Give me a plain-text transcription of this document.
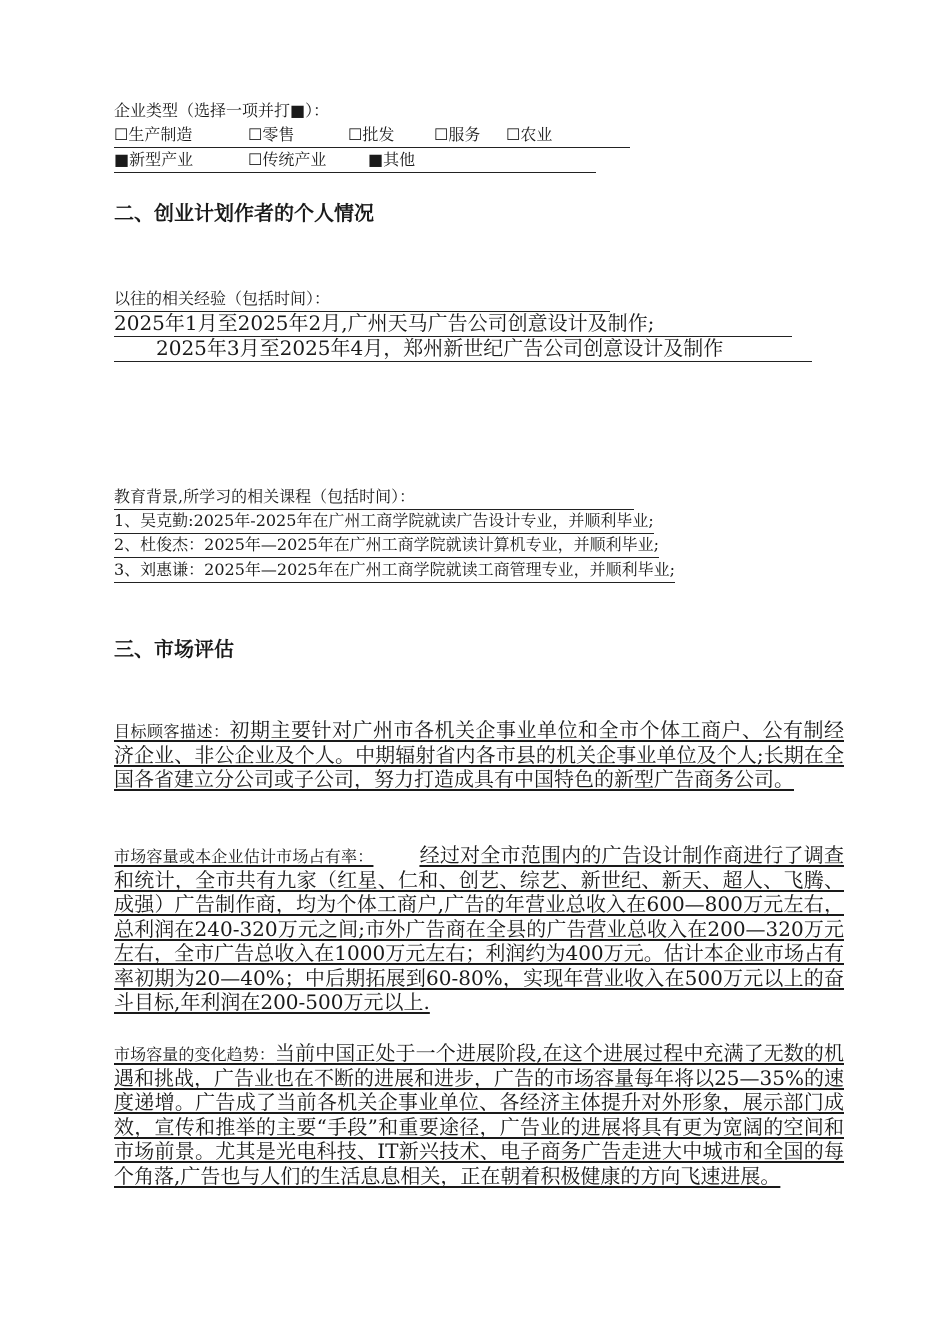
企业类型（选择一项并打■）：
☐生产制造	☐零售	☐批发 ☐服务 ☐农业
■新型产业	☐传统产业	■其他
二、创业计划作者的个人情况
以往的相关经验（包括时间）：
2025年1月至2025年2月,广州天马广告公司创意设计及制作;
2025年3月至2025年4月，郑州新世纪广告公司创意设计及制作
教育背景,所学习的相关课程（包括时间）：
1、吴克勤:2025年-2025年在广州工商学院就读广告设计专业，并顺利毕业;
2、杜俊杰：2025年—2025年在广州工商学院就读计算机专业，并顺利毕业;
3、刘惠谦：2025年—2025年在广州工商学院就读工商管理专业，并顺利毕业;
三、市场评估
目标顾客描述：初期主要针对广州市各机关企事业单位和全市个体工商户、公有制经济企业、非公企业及个人。中期辐射省内各市县的机关企事业单位及个人;长期在全国各省建立分公司或子公司，努力打造成具有中国特色的新型广告商务公司。
市场容量或本企业估计市场占有率： 经过对全市范围内的广告设计制作商进行了调查和统计，全市共有九家（红星、仁和、创艺、综艺、新世纪、新天、超人、飞腾、成强）广告制作商，均为个体工商户,广告的年营业总收入在600—800万元左右，总利润在240-320万元之间;市外广告商在全县的广告营业总收入在200—320万元左右，全市广告总收入在1000万元左右；利润约为400万元。估计本企业市场占有率初期为20—40%；中后期拓展到60-80%，实现年营业收入在500万元以上的奋斗目标,年利润在200-500万元以上.
市场容量的变化趋势：当前中国正处于一个进展阶段,在这个进展过程中充满了无数的机遇和挑战，广告业也在不断的进展和进步，广告的市场容量每年将以25—35%的速度递增。广告成了当前各机关企事业单位、各经济主体提升对外形象，展示部门成效，宣传和推举的主要“手段”和重要途径，广告业的进展将具有更为宽阔的空间和市场前景。尤其是光电科技、IT新兴技术、电子商务广告走进大中城市和全国的每个角落,广告也与人们的生活息息相关，正在朝着积极健康的方向飞速进展。
